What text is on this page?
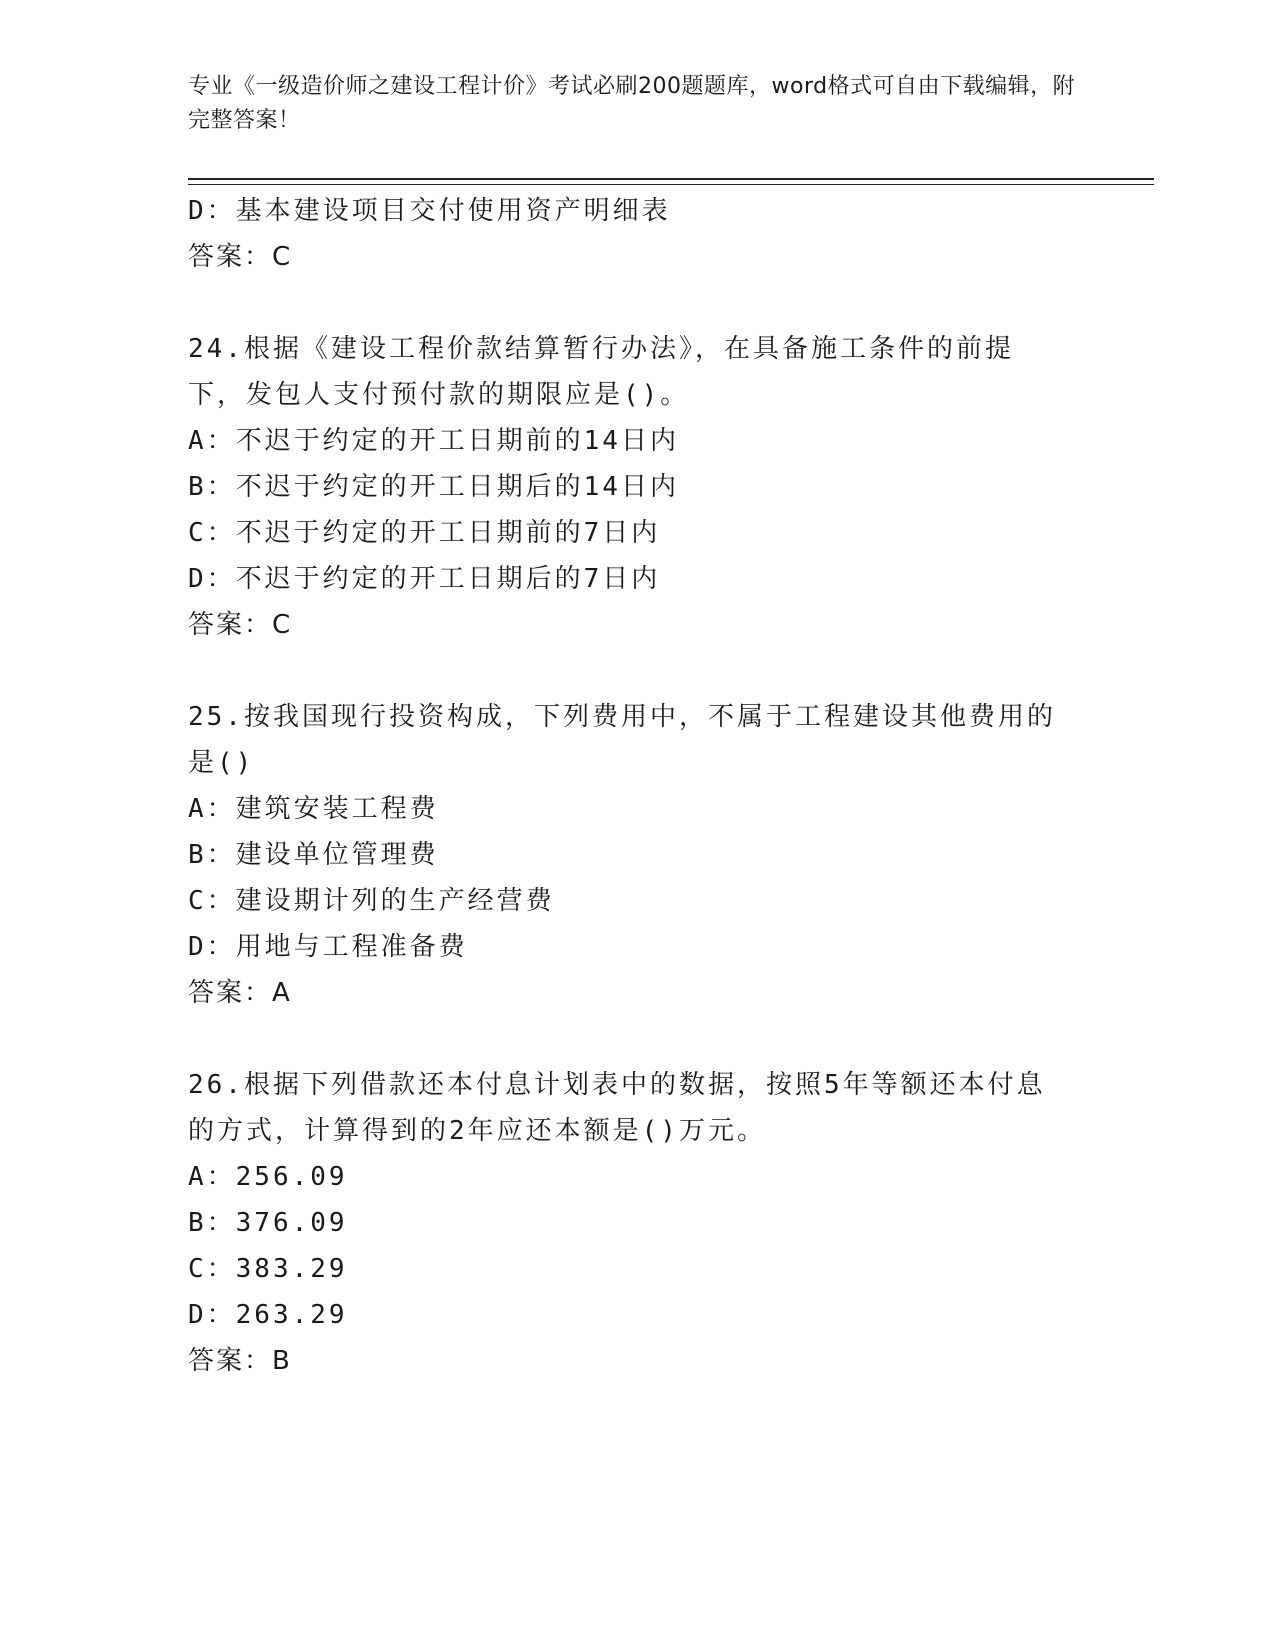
专业《一级造价师之建设工程计价》考试必刷200题题库，word格式可自由下载编辑，附完整答案！
D：基本建设项目交付使用资产明细表
答案：C
24.根据《建设工程价款结算暂行办法》，在具备施工条件的前提下，发包人支付预付款的期限应是()。
A：不迟于约定的开工日期前的14日内
B：不迟于约定的开工日期后的14日内
C：不迟于约定的开工日期前的7日内
D：不迟于约定的开工日期后的7日内
答案：C
25.按我国现行投资构成，下列费用中，不属于工程建设其他费用的是()
A：建筑安装工程费
B：建设单位管理费
C：建设期计列的生产经营费
D：用地与工程准备费
答案：A
26.根据下列借款还本付息计划表中的数据，按照5年等额还本付息的方式，计算得到的2年应还本额是()万元。
A：256.09
B：376.09
C：383.29
D：263.29
答案：B
